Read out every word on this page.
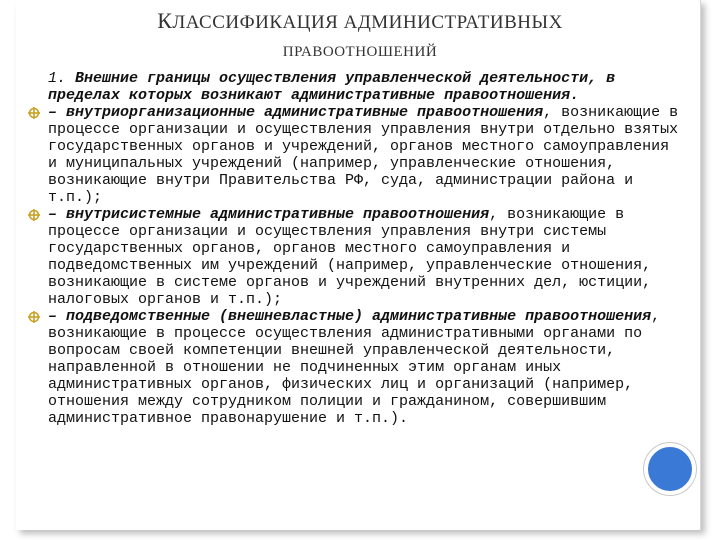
КЛАССИФИКАЦИЯ АДМИНИСТРАТИВНЫХ
ПРАВООТНОШЕНИЙ

1. Внешние границы осуществления управленческой деятельности, в пределах которых возникают административные правоотношения.

– внутриорганизационные административные правоотношения, возникающие в процессе организации и осуществления управления внутри отдельно взятых государственных органов и учреждений, органов местного самоуправления и муниципальных учреждений (например, управленческие отношения, возникающие внутри Правительства РФ, суда, администрации района и т.п.);

– внутрисистемные административные правоотношения, возникающие в процессе организации и осуществления управления внутри системы государственных органов, органов местного самоуправления и подведомственных им учреждений (например, управленческие отношения, возникающие в системе органов и учреждений внутренних дел, юстиции, налоговых органов и т.п.);

– подведомственные (внешневластные) административные правоотношения, возникающие в процессе осуществления административными органами по вопросам своей компетенции внешней управленческой деятельности, направленной в отношении не подчиненных этим органам иных административных органов, физических лиц и организаций (например, отношения между сотрудником полиции и гражданином, совершившим административное правонарушение и т.п.).
